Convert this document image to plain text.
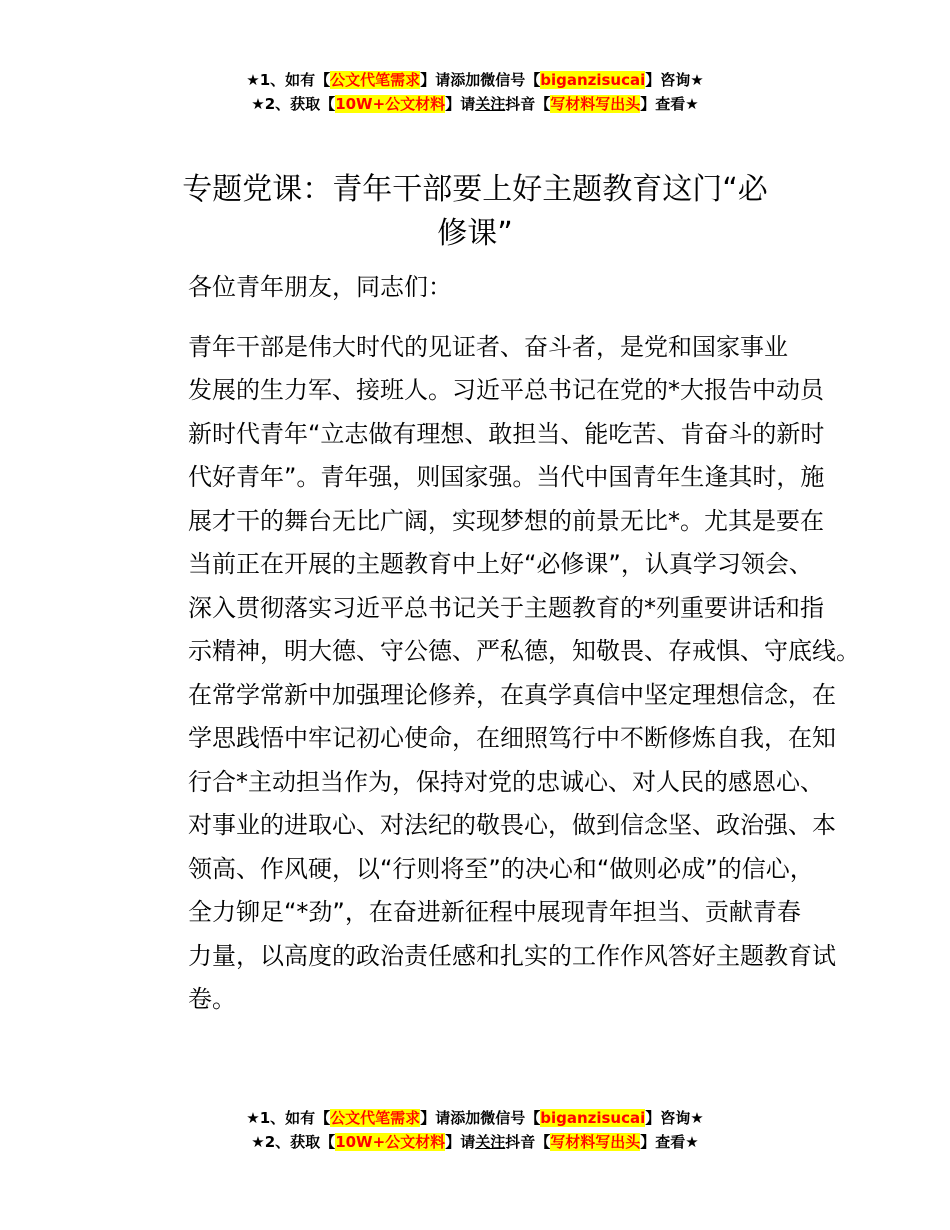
★1、如有【公文代笔需求】请添加微信号【biganzisucai】咨询★
★2、获取【10W+公文材料】请关注抖音【写材料写出头】查看★
专题党课：青年干部要上好主题教育这门“必
修课”

各位青年朋友，同志们：

青年干部是伟大时代的见证者、奋斗者，是党和国家事业
发展的生力军、接班人。习近平总书记在党的*大报告中动员
新时代青年“立志做有理想、敢担当、能吃苦、肯奋斗的新时
代好青年”。青年强，则国家强。当代中国青年生逢其时，施
展才干的舞台无比广阔，实现梦想的前景无比*。尤其是要在
当前正在开展的主题教育中上好“必修课”，认真学习领会、
深入贯彻落实习近平总书记关于主题教育的*列重要讲话和指
示精神，明大德、守公德、严私德，知敬畏、存戒惧、守底线。
在常学常新中加强理论修养，在真学真信中坚定理想信念，在
学思践悟中牢记初心使命，在细照笃行中不断修炼自我，在知
行合*主动担当作为，保持对党的忠诚心、对人民的感恩心、
对事业的进取心、对法纪的敬畏心，做到信念坚、政治强、本
领高、作风硬，以“行则将至”的决心和“做则必成”的信心，
全力铆足“*劲”，在奋进新征程中展现青年担当、贡献青春
力量，以高度的政治责任感和扎实的工作作风答好主题教育试
卷。

★1、如有【公文代笔需求】请添加微信号【biganzisucai】咨询★
★2、获取【10W+公文材料】请关注抖音【写材料写出头】查看★
